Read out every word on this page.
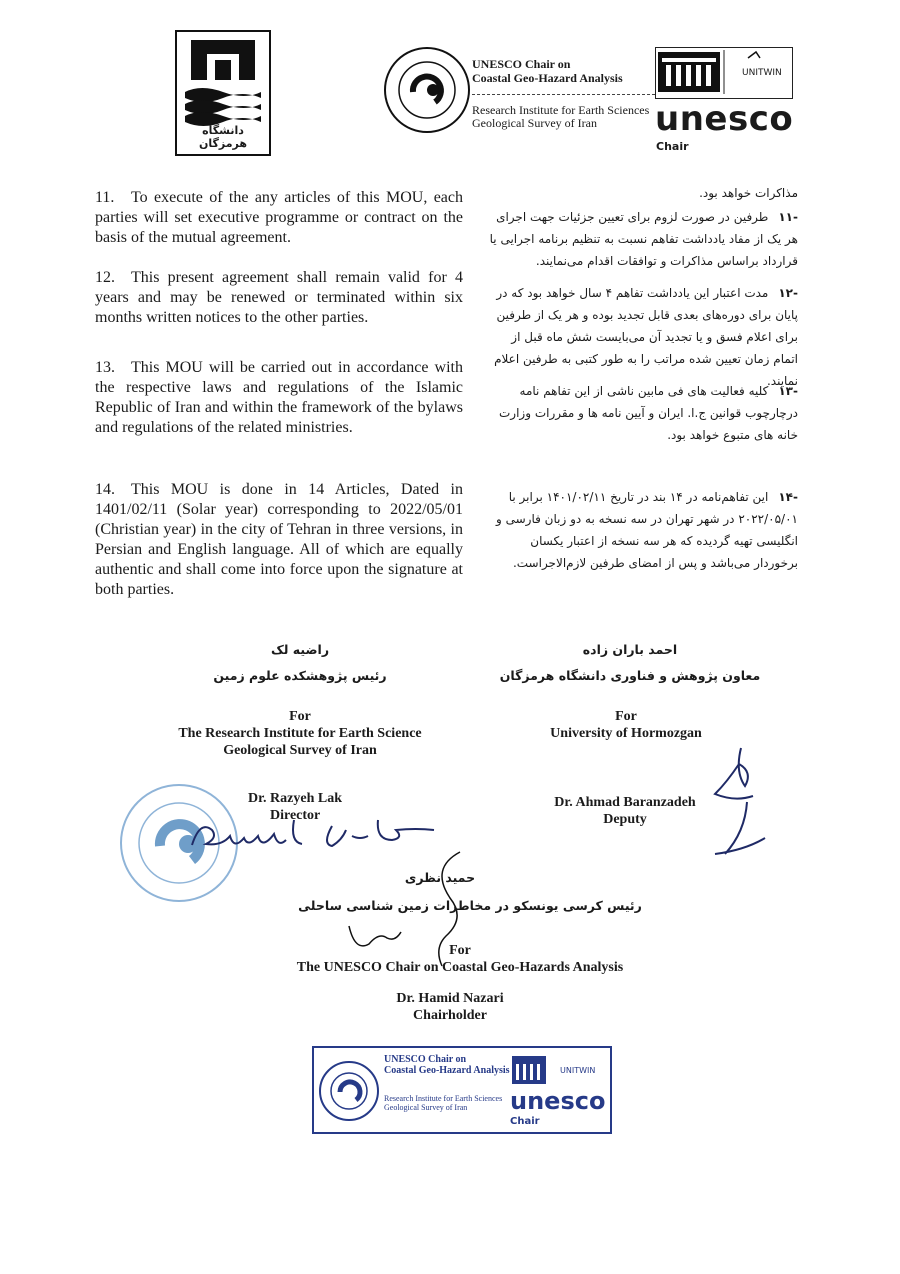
دانشگاه هرمزگان
UNESCO Chair on
Coastal Geo-Hazard Analysis
Research Institute for Earth Sciences
Geological Survey of Iran
UNITWIN
unesco
Chair
11. To execute of the any articles of this MOU, each parties will set executive programme or contract on the basis of the mutual agreement.
12. This present agreement shall remain valid for 4 years and may be renewed or terminated within six months written notices to the other parties.
13. This MOU will be carried out in accordance with the respective laws and regulations of the Islamic Republic of Iran and within the framework of the bylaws and regulations of the related ministries.
14. This MOU is done in 14 Articles, Dated in 1401/02/11 (Solar year) corresponding to 2022/05/01 (Christian year) in the city of Tehran in three versions, in Persian and English language. All of which are equally authentic and shall come into force upon the signature at both parties.
مذاکرات خواهد بود.
-۱۱طرفین در صورت لزوم برای تعیین جزئیات جهت اجرای هر یک از مفاد یادداشت تفاهم نسبت به تنظیم برنامه اجرایی یا قرارداد براساس مذاکرات و توافقات اقدام می‌نمایند.
-۱۲مدت اعتبار این یادداشت تفاهم ۴ سال خواهد بود که در پایان برای دوره‌های بعدی قابل تجدید بوده و هر یک از طرفین برای اعلام فسق و یا تجدید آن می‌بایست شش ماه قبل از اتمام زمان تعیین شده مراتب را به طور کتبی به طرفین اعلام نمایند.
-۱۳کلیه فعالیت های فی مابین ناشی از این تفاهم نامه درچارچوب قوانین ج.ا. ایران و آیین نامه ها و مقررات وزارت خانه های متبوع خواهد بود.
-۱۴این تفاهم‌نامه در ۱۴ بند در تاریخ ۱۴۰۱/۰۲/۱۱ برابر با ۲۰۲۲/۰۵/۰۱ در شهر تهران در سه نسخه به دو زبان فارسی و انگلیسی تهیه گردیده که هر سه نسخه از اعتبار یکسان برخوردار می‌باشد و پس از امضای طرفین لازم‌الاجراست.
راضیه لک
رئیس پژوهشکده علوم زمین
احمد باران زاده
معاون پژوهش و فناوری دانشگاه هرمزگان
For
The Research Institute for Earth Science
Geological Survey of Iran
For
University of Hormozgan
Dr. Razyeh Lak
Director
Dr. Ahmad Baranzadeh
Deputy
حمید نظری
رئیس کرسی یونسکو در مخاطرات زمین شناسی ساحلی
For
The UNESCO Chair on Coastal Geo-Hazards Analysis
Dr. Hamid Nazari
Chairholder
UNESCO Chair on
Coastal Geo-Hazard Analysis
Research Institute for Earth Sciences
Geological Survey of Iran
UNITWIN
unesco
Chair
